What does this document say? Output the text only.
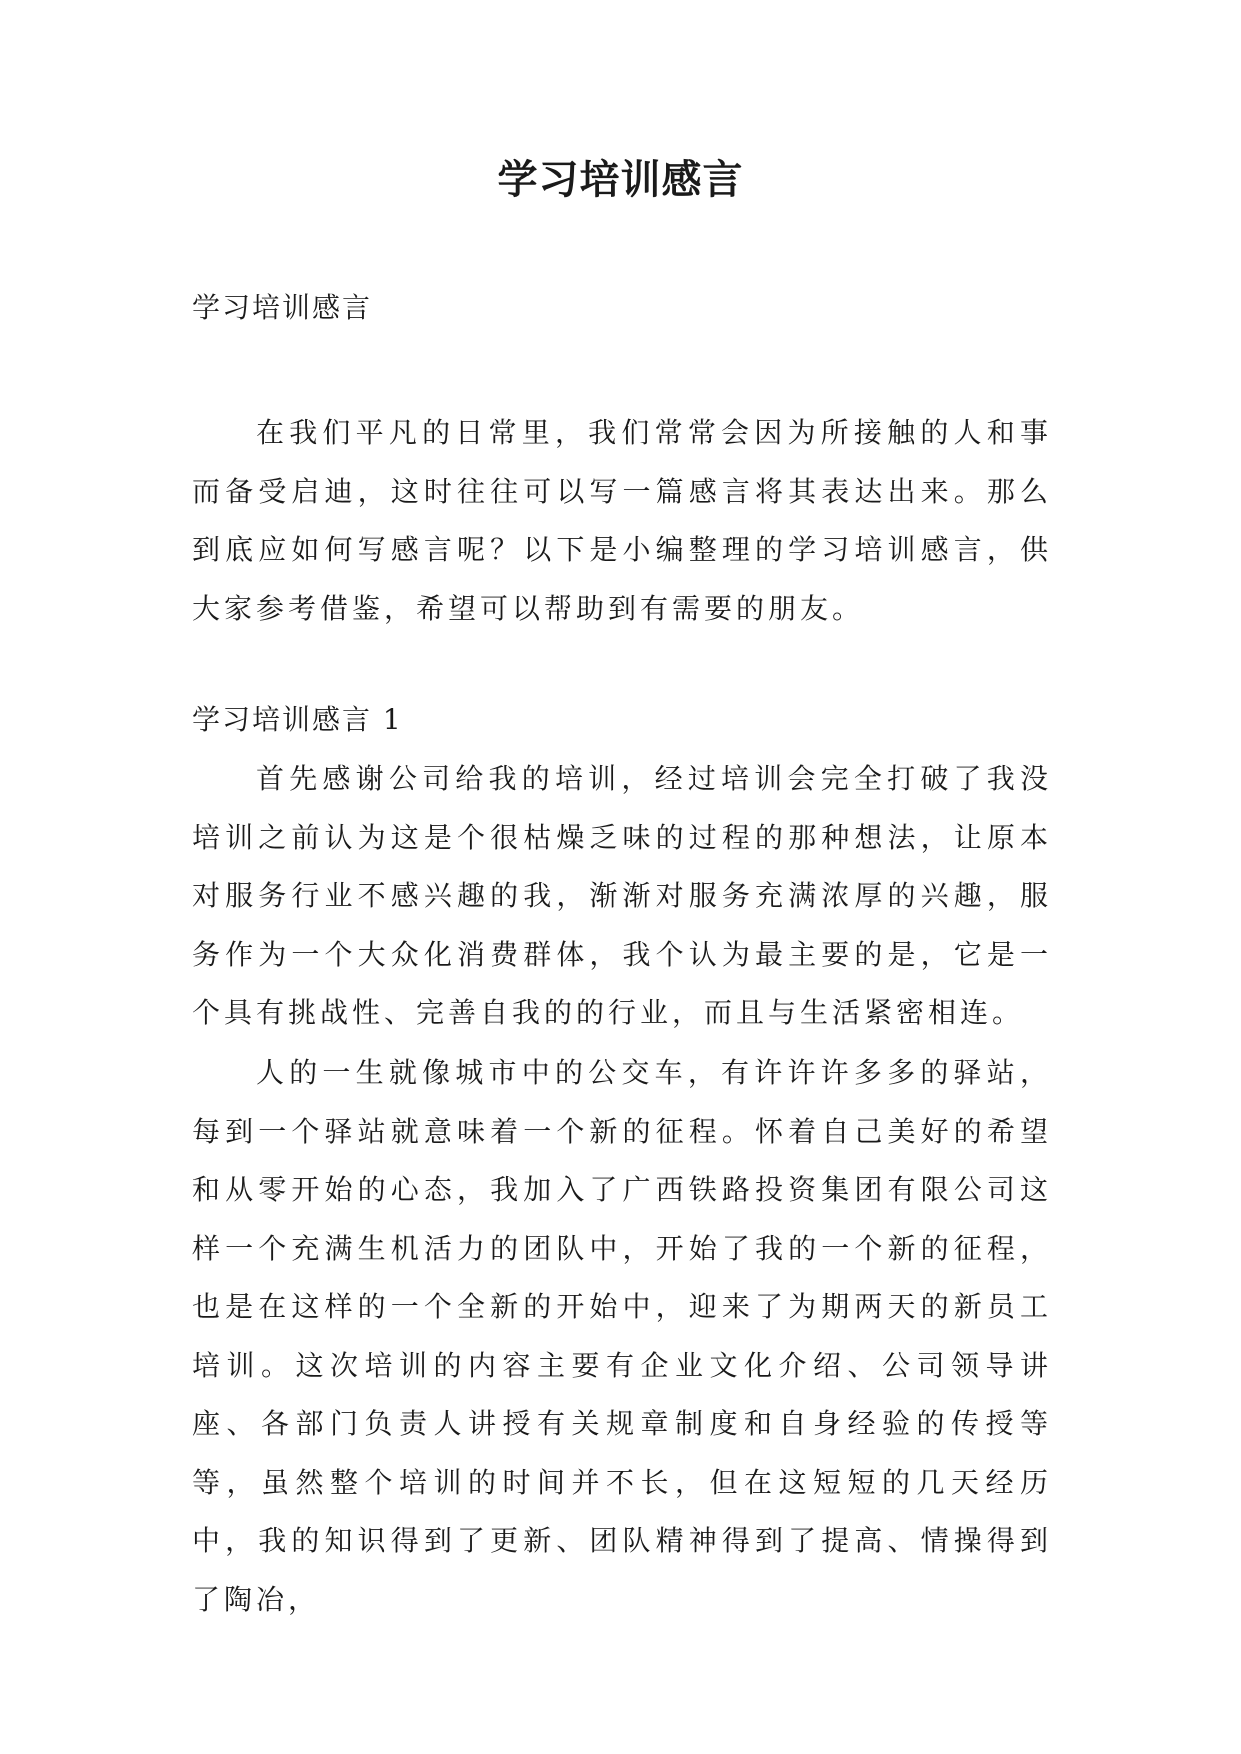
学习培训感言

学习培训感言

在我们平凡的日常里，我们常常会因为所接触的人和事而备受启迪，这时往往可以写一篇感言将其表达出来。那么到底应如何写感言呢？以下是小编整理的学习培训感言，供大家参考借鉴，希望可以帮助到有需要的朋友。

学习培训感言 1

首先感谢公司给我的培训，经过培训会完全打破了我没培训之前认为这是个很枯燥乏味的过程的那种想法，让原本对服务行业不感兴趣的我，渐渐对服务充满浓厚的兴趣，服务作为一个大众化消费群体，我个认为最主要的是，它是一个具有挑战性、完善自我的的行业，而且与生活紧密相连。

人的一生就像城市中的公交车，有许许许多多的驿站，每到一个驿站就意味着一个新的征程。怀着自己美好的希望和从零开始的心态，我加入了广西铁路投资集团有限公司这样一个充满生机活力的团队中，开始了我的一个新的征程，也是在这样的一个全新的开始中，迎来了为期两天的新员工培训。这次培训的内容主要有企业文化介绍、公司领导讲座、各部门负责人讲授有关规章制度和自身经验的传授等等，虽然整个培训的时间并不长，但在这短短的几天经历中，我的知识得到了更新、团队精神得到了提高、情操得到了陶冶，
